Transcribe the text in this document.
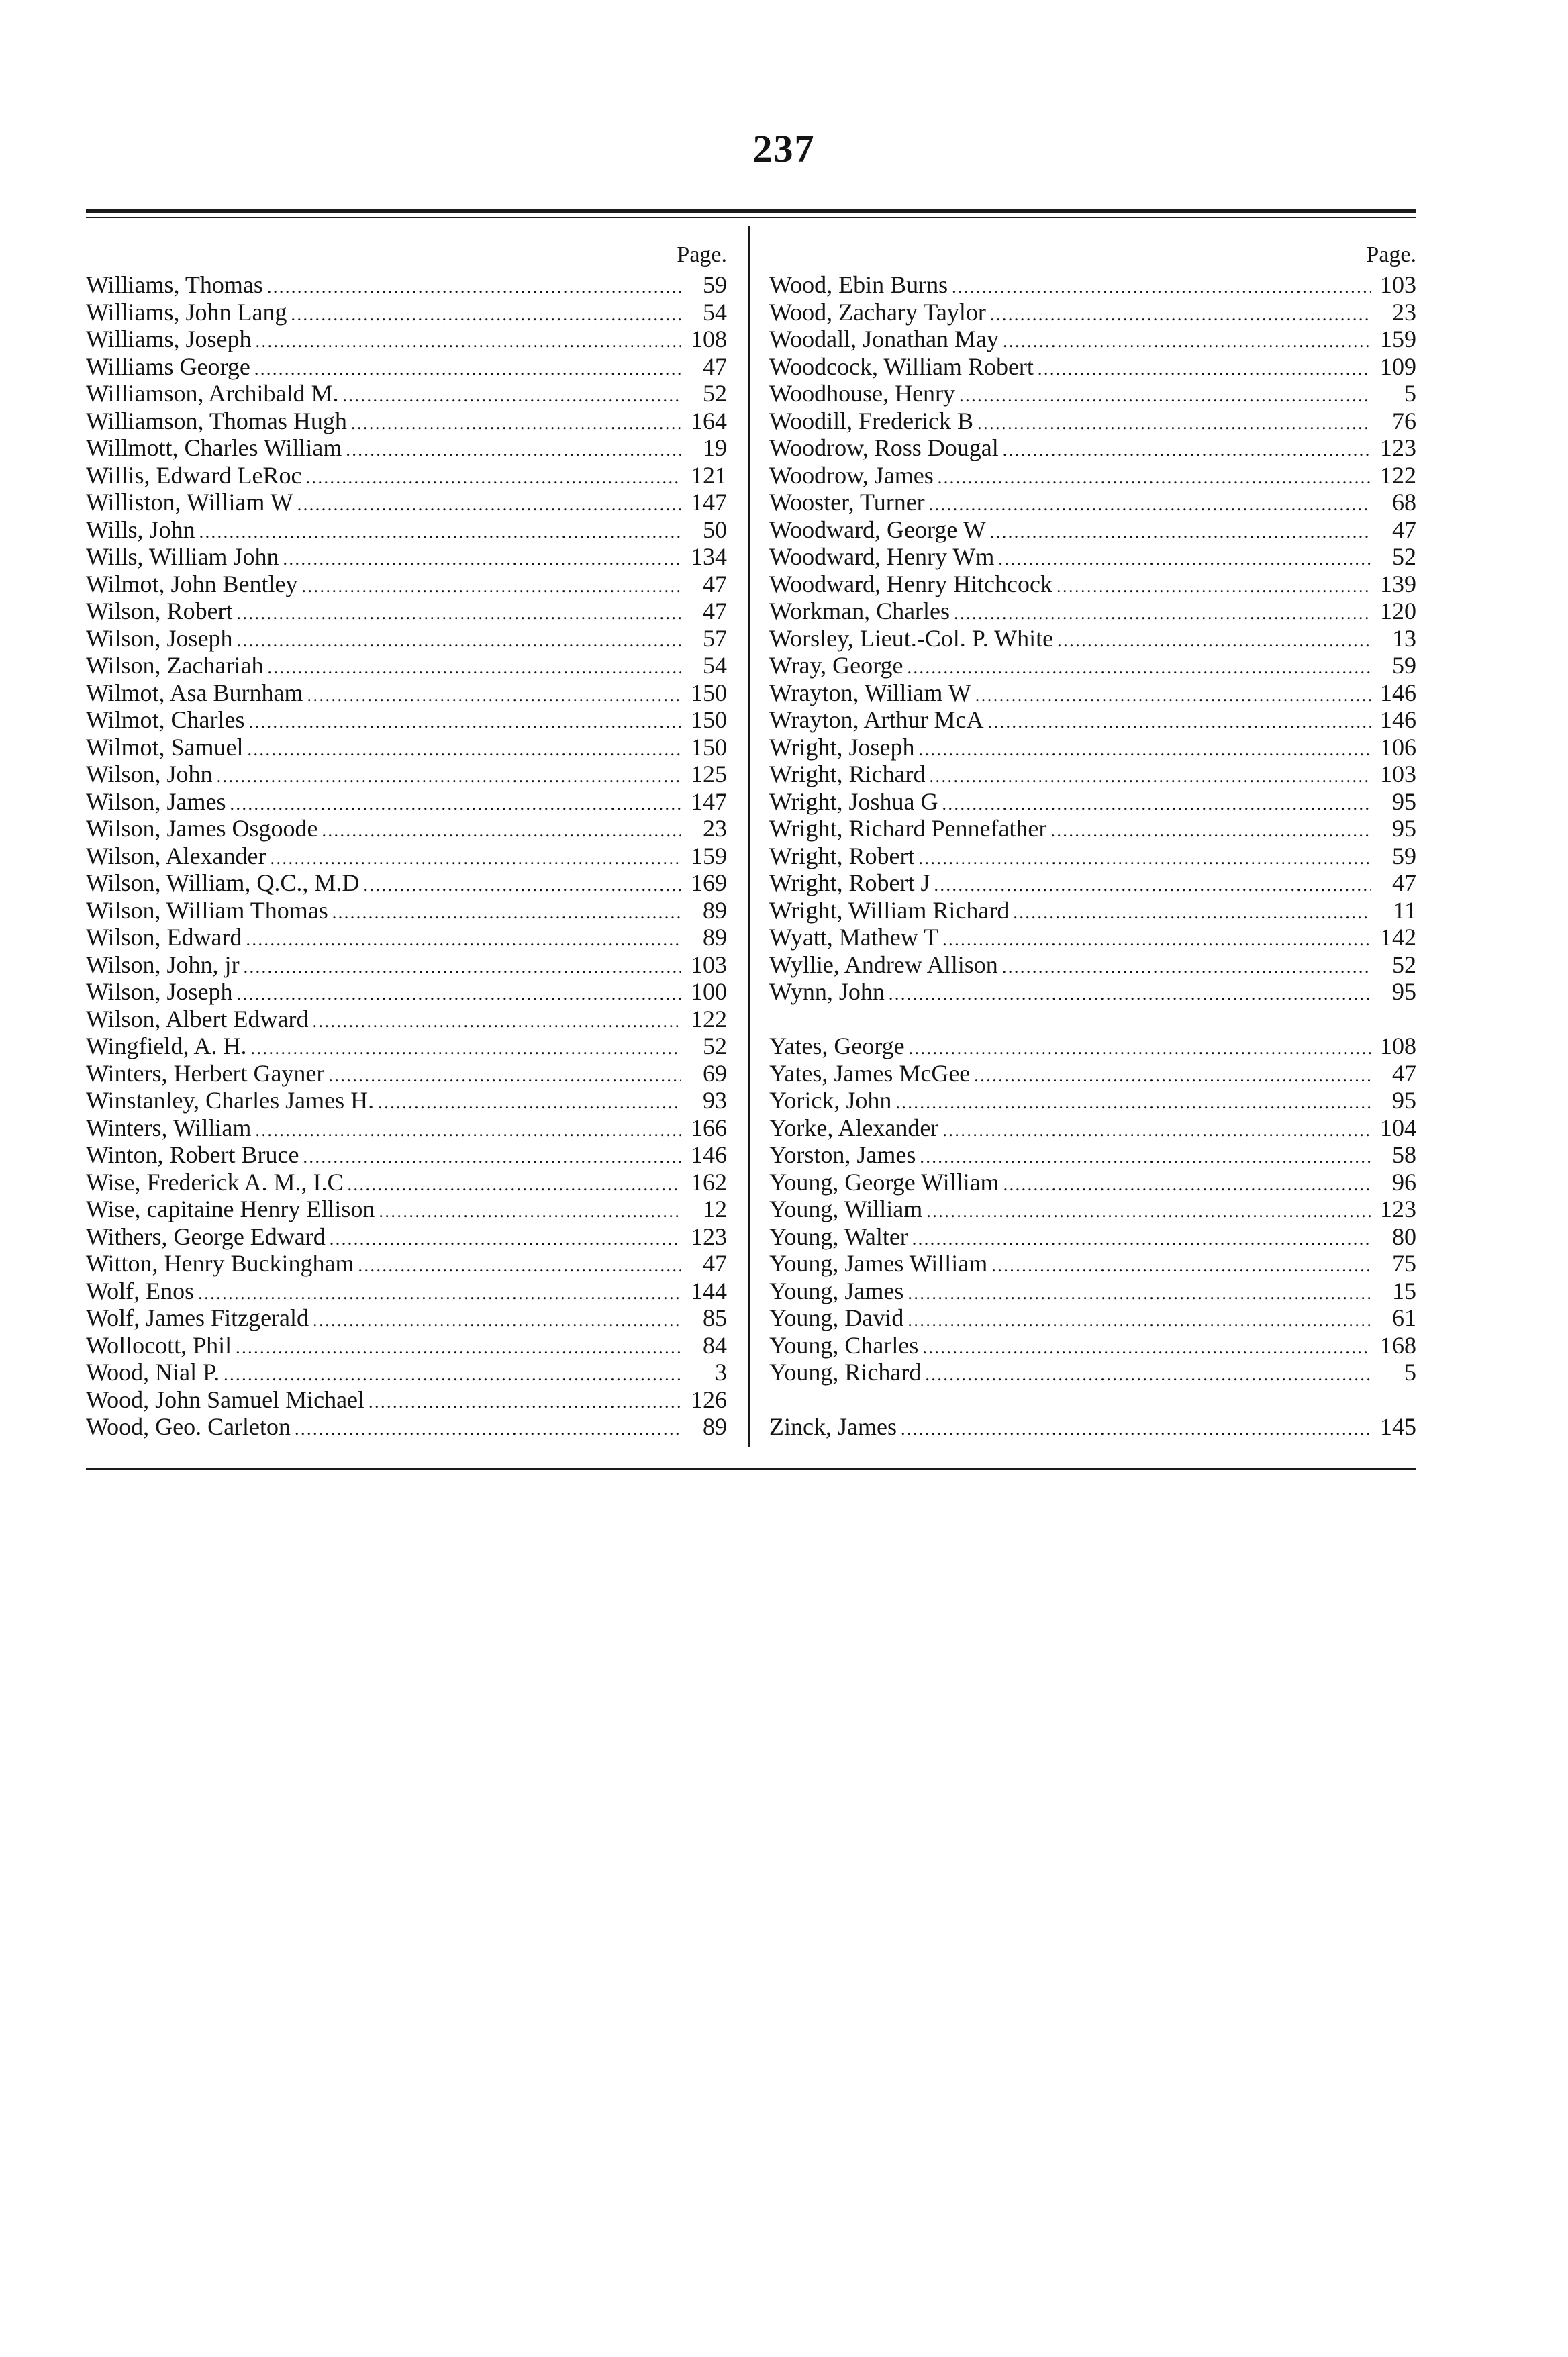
237
Page.
Williams, Thomas . . .	59
Williams, John Lang . . .	54
Williams, Joseph . . .	108
Williams George . . .	47
Williamson, Archibald M. . . .	52
Williamson, Thomas Hugh . . .	164
Willmott, Charles William . . .	19
Willis, Edward LeRoc . . .	121
Williston, William W . . .	147
Wills, John . . .	50
Wills, William John . . .	134
Wilmot, John Bentley . . .	47
Wilson, Robert . . .	47
Wilson, Joseph . . .	57
Wilson, Zachariah . . .	54
Wilmot, Asa Burnham . . .	150
Wilmot, Charles . . .	150
Wilmot, Samuel . . .	150
Wilson, John . . .	125
Wilson, James . . .	147
Wilson, James Osgoode . . .	23
Wilson, Alexander . . .	159
Wilson, William, Q.C., M.D . . .	169
Wilson, William Thomas . . .	89
Wilson, Edward . . .	89
Wilson, John, jr . . .	103
Wilson, Joseph . . .	100
Wilson, Albert Edward . . .	122
Wingfield, A. H. . . .	52
Winters, Herbert Gayner . . .	69
Winstanley, Charles James H. . . .	93
Winters, William . . .	166
Winton, Robert Bruce . . .	146
Wise, Frederick A. M., I.C . . .	162
Wise, capitaine Henry Ellison . . .	12
Withers, George Edward . . .	123
Witton, Henry Buckingham . . .	47
Wolf, Enos . . .	144
Wolf, James Fitzgerald . . .	85
Wollocott, Phil . . .	84
Wood, Nial P. . . .	3
Wood, John Samuel Michael . . .	126
Wood, Geo. Carleton . . .	89
Page.
Wood, Ebin Burns . . .	103
Wood, Zachary Taylor . . .	23
Woodall, Jonathan May . . .	159
Woodcock, William Robert . . .	109
Woodhouse, Henry . . .	5
Woodill, Frederick B . . .	76
Woodrow, Ross Dougal . . .	123
Woodrow, James . . .	122
Wooster, Turner . . .	68
Woodward, George W . . .	47
Woodward, Henry Wm . . .	52
Woodward, Henry Hitchcock . . .	139
Workman, Charles . . .	120
Worsley, Lieut.-Col. P. White . . .	13
Wray, George . . .	59
Wrayton, William W . . .	146
Wrayton, Arthur McA . . .	146
Wright, Joseph . . .	106
Wright, Richard . . .	103
Wright, Joshua G . . .	95
Wright, Richard Pennefather . . .	95
Wright, Robert . . .	59
Wright, Robert J . . .	47
Wright, William Richard . . .	11
Wyatt, Mathew T . . .	142
Wyllie, Andrew Allison . . .	52
Wynn, John . . .	95
Yates, George . . .	108
Yates, James McGee . . .	47
Yorick, John . . .	95
Yorke, Alexander . . .	104
Yorston, James . . .	58
Young, George William . . .	96
Young, William . . .	123
Young, Walter . . .	80
Young, James William . . .	75
Young, James . . .	15
Young, David . . .	61
Young, Charles . . .	168
Young, Richard . . .	5
Zinck, James . . .	145
